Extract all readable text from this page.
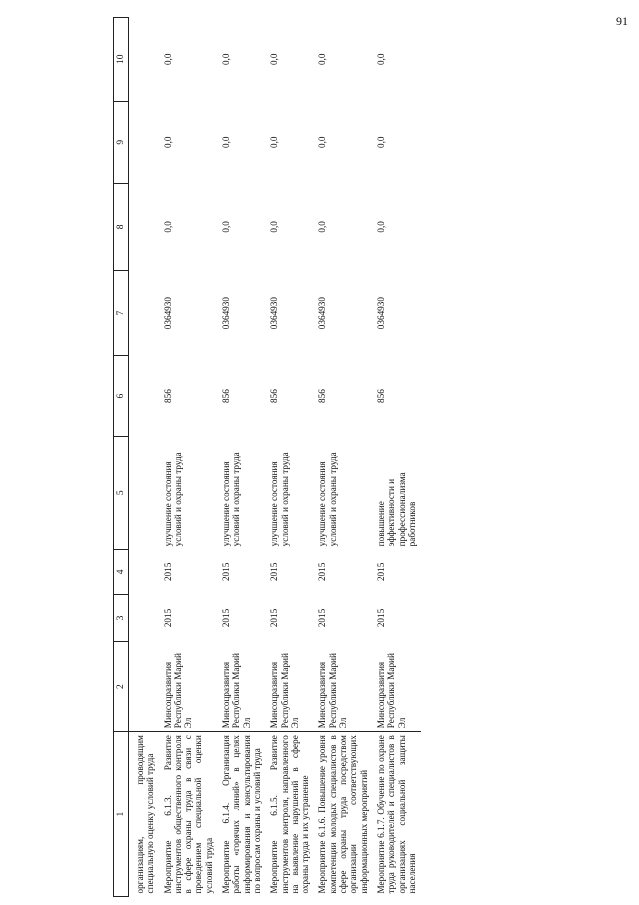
91
1	2	3	4	5	6	7	8	9	10
организациям, проводящим специальную оценку условий труда									
Мероприятие 6.1.3. Развитие инструментов общественного контроля в сфере охраны труда в связи с проведением специальной оценки условий труда	Минсоцразвития Республики Марий Эл	2015	2015	улучшение состояния условий и охраны труда	856	0364930	0,0	0,0	0,0
Мероприятие 6.1.4. Организация работы «горячих линий» в целях информирования и консультирования по вопросам охраны и условий труда	Минсоцразвития Республики Марий Эл	2015	2015	улучшение состояния условий и охраны труда	856	0364930	0,0	0,0	0,0
Мероприятие 6.1.5. Развитие инструментов контроля, направленного на выявление нарушений в сфере охраны труда и их устранение	Минсоцразвития Республики Марий Эл	2015	2015	улучшение состояния условий и охраны труда	856	0364930	0,0	0,0	0,0
Мероприятие 6.1.6. Повышение уровня компетенции молодых специалистов в сфере охраны труда посредством организации соответствующих информационных мероприятий	Минсоцразвития Республики Марий Эл	2015	2015	улучшение состояния условий и охраны труда	856	0364930	0,0	0,0	0,0
Мероприятие 6.1.7. Обучение по охране труда руководителей и специалистов в организациях социальной защиты населения	Минсоцразвития Республики Марий Эл	2015	2015	повышение эффективности и профессионализма работников	856	0364930	0,0	0,0	0,0
